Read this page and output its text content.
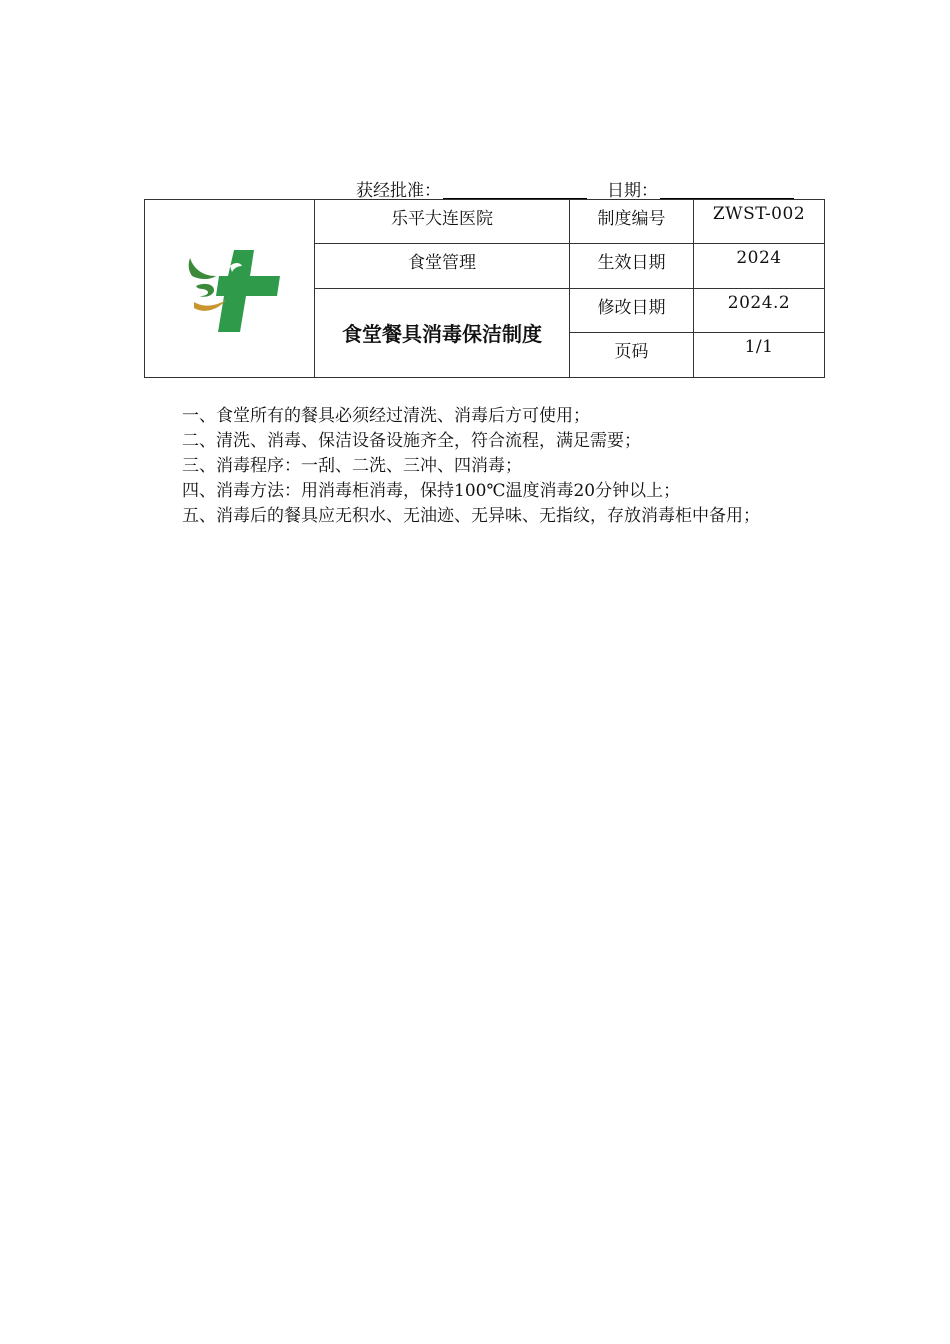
获经批准：	日期：
	乐平大连医院	制度编号	ZWST-002
	食堂管理	生效日期	2024
	食堂餐具消毒保洁制度	修改日期	2024.2
		页码	1/1

一、食堂所有的餐具必须经过清洗、消毒后方可使用；

二、清洗、消毒、保洁设备设施齐全，符合流程，满足需要；

三、消毒程序：一刮、二洗、三冲、四消毒；

四、消毒方法：用消毒柜消毒，保持100℃温度消毒20分钟以上；

五、消毒后的餐具应无积水、无油迹、无异味、无指纹，存放消毒柜中备用；
